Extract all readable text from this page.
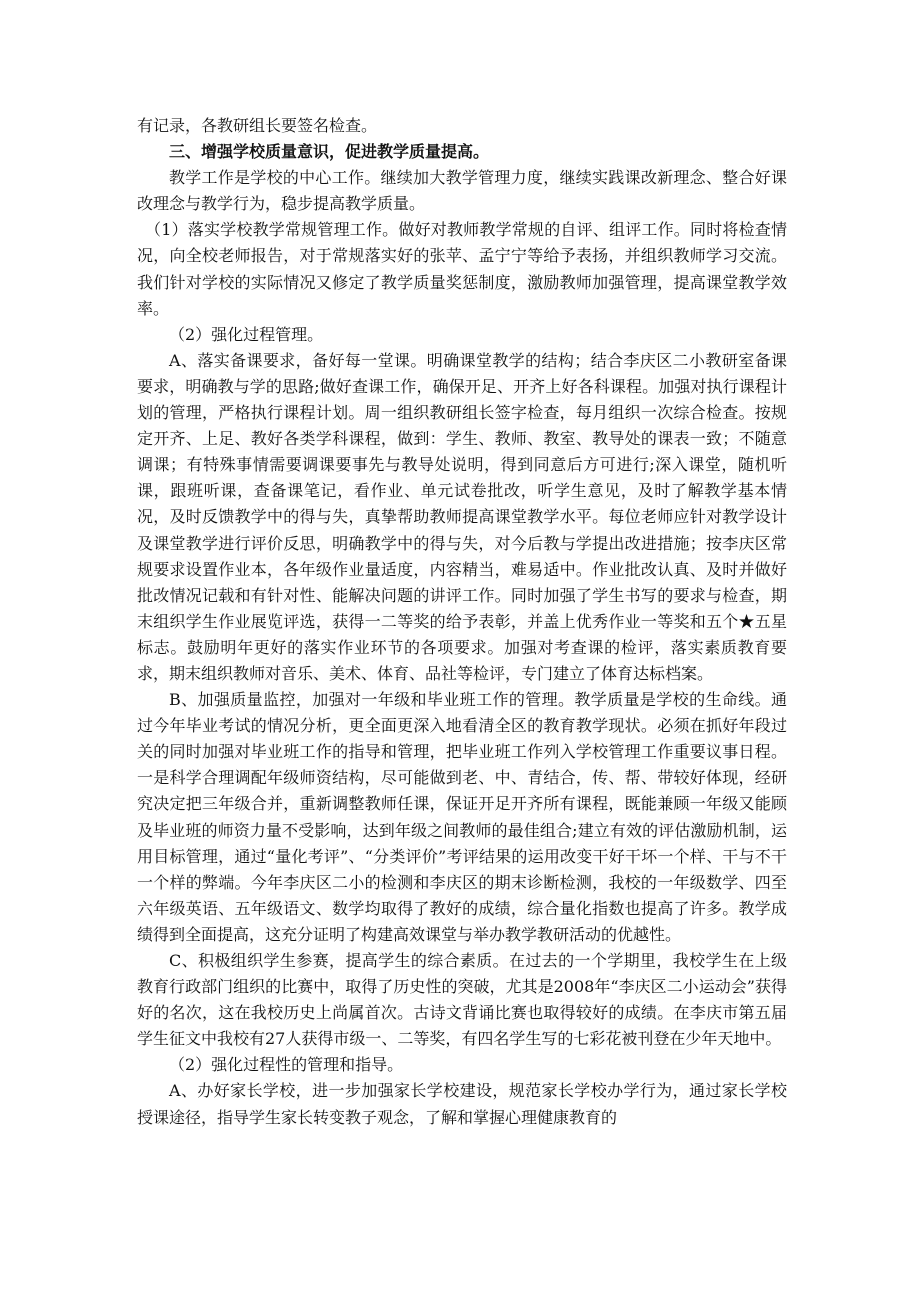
有记录，各教研组长要签名检查。

三、增强学校质量意识，促进教学质量提高。

教学工作是学校的中心工作。继续加大教学管理力度，继续实践课改新理念、整合好课改理念与教学行为，稳步提高教学质量。

（1）落实学校教学常规管理工作。做好对教师教学常规的自评、组评工作。同时将检查情况，向全校老师报告，对于常规落实好的张苹、孟宁宁等给予表扬，并组织教师学习交流。我们针对学校的实际情况又修定了教学质量奖惩制度，激励教师加强管理，提高课堂教学效率。

（2）强化过程管理。

A、落实备课要求，备好每一堂课。明确课堂教学的结构；结合李庆区二小教研室备课要求，明确教与学的思路;做好查课工作，确保开足、开齐上好各科课程。加强对执行课程计划的管理，严格执行课程计划。周一组织教研组长签字检查，每月组织一次综合检查。按规定开齐、上足、教好各类学科课程，做到：学生、教师、教室、教导处的课表一致；不随意调课；有特殊事情需要调课要事先与教导处说明，得到同意后方可进行;深入课堂，随机听课，跟班听课，查备课笔记，看作业、单元试卷批改，听学生意见，及时了解教学基本情况，及时反馈教学中的得与失，真挚帮助教师提高课堂教学水平。每位老师应针对教学设计及课堂教学进行评价反思，明确教学中的得与失，对今后教与学提出改进措施；按李庆区常规要求设置作业本，各年级作业量适度，内容精当，难易适中。作业批改认真、及时并做好批改情况记载和有针对性、能解决问题的讲评工作。同时加强了学生书写的要求与检查，期末组织学生作业展览评选，获得一二等奖的给予表彰，并盖上优秀作业一等奖和五个★五星标志。鼓励明年更好的落实作业环节的各项要求。加强对考查课的检评，落实素质教育要求，期末组织教师对音乐、美术、体育、品社等检评，专门建立了体育达标档案。

B、加强质量监控，加强对一年级和毕业班工作的管理。教学质量是学校的生命线。通过今年毕业考试的情况分析，更全面更深入地看清全区的教育教学现状。必须在抓好年段过关的同时加强对毕业班工作的指导和管理，把毕业班工作列入学校管理工作重要议事日程。一是科学合理调配年级师资结构，尽可能做到老、中、青结合，传、帮、带较好体现，经研究决定把三年级合并，重新调整教师任课，保证开足开齐所有课程，既能兼顾一年级又能顾及毕业班的师资力量不受影响，达到年级之间教师的最佳组合;建立有效的评估激励机制，运用目标管理，通过“量化考评”、“分类评价”考评结果的运用改变干好干坏一个样、干与不干一个样的弊端。今年李庆区二小的检测和李庆区的期末诊断检测，我校的一年级数学、四至六年级英语、五年级语文、数学均取得了教好的成绩，综合量化指数也提高了许多。教学成绩得到全面提高，这充分证明了构建高效课堂与举办教学教研活动的优越性。

C、积极组织学生参赛，提高学生的综合素质。在过去的一个学期里，我校学生在上级教育行政部门组织的比赛中，取得了历史性的突破，尤其是2008年“李庆区二小运动会”获得好的名次，这在我校历史上尚属首次。古诗文背诵比赛也取得较好的成绩。在李庆市第五届学生征文中我校有27人获得市级一、二等奖，有四名学生写的七彩花被刊登在少年天地中。

（2）强化过程性的管理和指导。

A、办好家长学校，进一步加强家长学校建设，规范家长学校办学行为，通过家长学校授课途径，指导学生家长转变教子观念，了解和掌握心理健康教育的
